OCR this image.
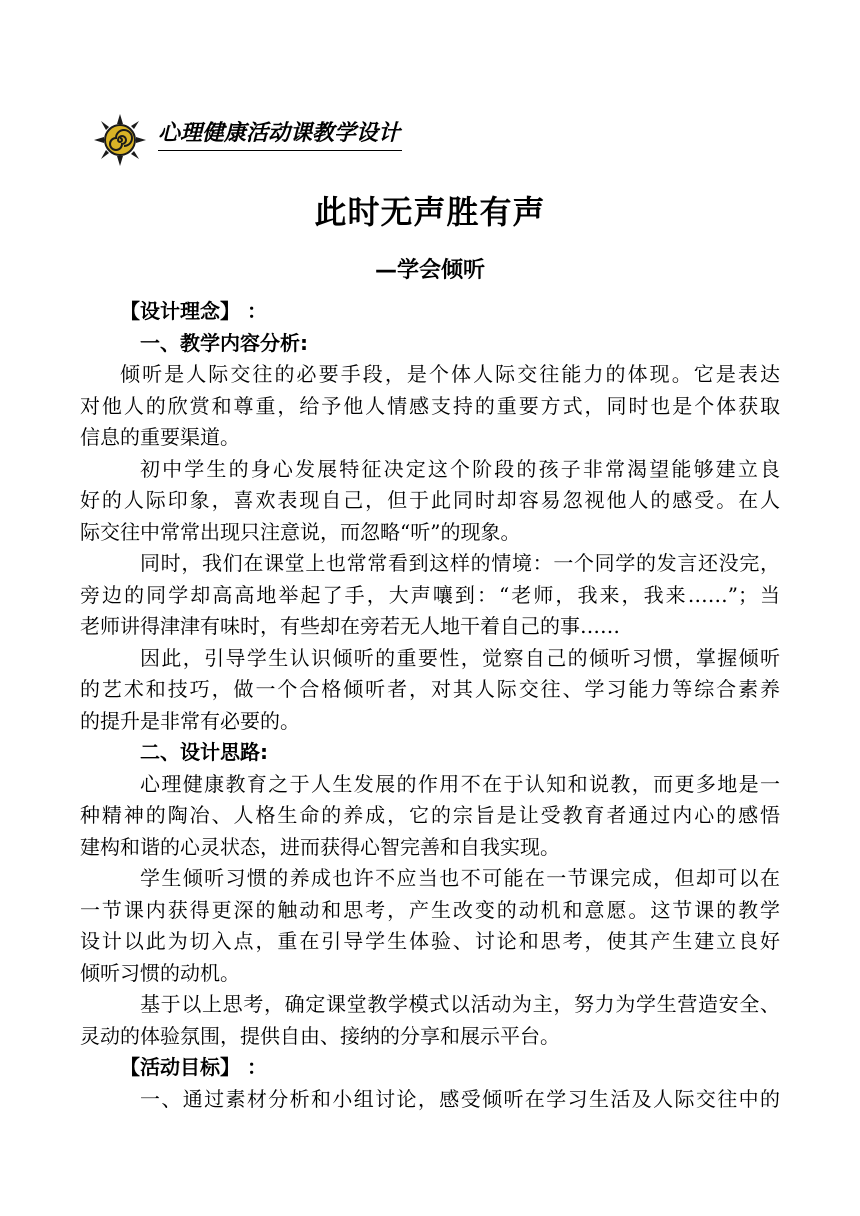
心理健康活动课教学设计
此时无声胜有声
—学会倾听
【设计理念】 ：
一、教学内容分析:
倾听是人际交往的必要手段，是个体人际交往能力的体现。它是表达
对他人的欣赏和尊重，给予他人情感支持的重要方式，同时也是个体获取
信息的重要渠道。
初中学生的身心发展特征决定这个阶段的孩子非常渴望能够建立良
好的人际印象，喜欢表现自己，但于此同时却容易忽视他人的感受。在人
际交往中常常出现只注意说，而忽略“听”的现象。
同时，我们在课堂上也常常看到这样的情境：一个同学的发言还没完，
旁边的同学却高高地举起了手，大声嚷到：“老师，我来，我来……”；当
老师讲得津津有味时，有些却在旁若无人地干着自己的事……
因此，引导学生认识倾听的重要性，觉察自己的倾听习惯，掌握倾听
的艺术和技巧，做一个合格倾听者，对其人际交往、学习能力等综合素养
的提升是非常有必要的。
二、设计思路:
心理健康教育之于人生发展的作用不在于认知和说教，而更多地是一
种精神的陶冶、人格生命的养成，它的宗旨是让受教育者通过内心的感悟
建构和谐的心灵状态，进而获得心智完善和自我实现。
学生倾听习惯的养成也许不应当也不可能在一节课完成，但却可以在
一节课内获得更深的触动和思考，产生改变的动机和意愿。这节课的教学
设计以此为切入点，重在引导学生体验、讨论和思考，使其产生建立良好
倾听习惯的动机。
基于以上思考，确定课堂教学模式以活动为主，努力为学生营造安全、
灵动的体验氛围，提供自由、接纳的分享和展示平台。
【活动目标】 ：
一、通过素材分析和小组讨论，感受倾听在学习生活及人际交往中的
